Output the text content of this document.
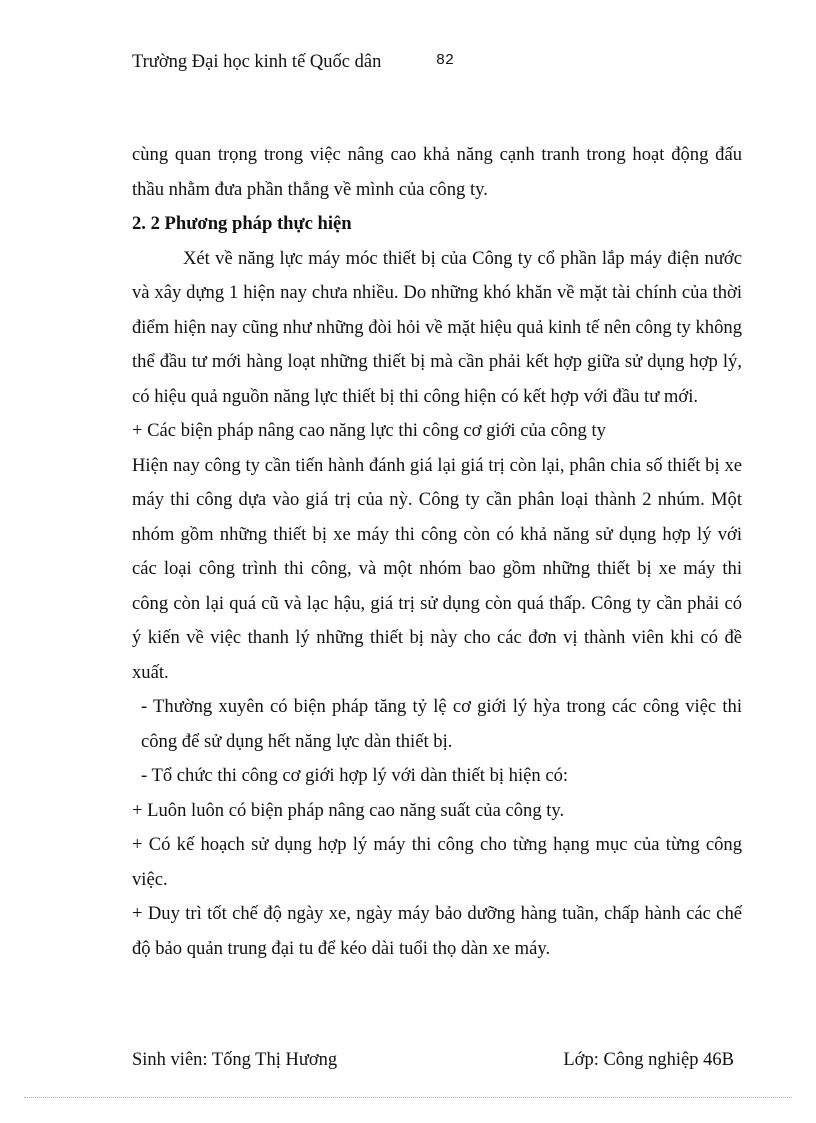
Trường Đại học kinh tế Quốc dân	82

cùng quan trọng trong việc nâng cao khả năng cạnh tranh trong hoạt động đấu thầu nhằm đưa phần thắng về mình của công ty.

2. 2 Phương pháp thực hiện

Xét về năng lực máy móc thiết bị của Công ty cổ phần lắp máy điện nước và xây dựng 1 hiện nay chưa nhiều. Do những khó khăn về mặt tài chính của thời điểm hiện nay cũng như những đòi hỏi về mặt hiệu quả kinh tế nên công ty không thể đầu tư mới hàng loạt những thiết bị mà cần phải kết hợp giữa sử dụng hợp lý, có hiệu quả nguồn năng lực thiết bị thi công hiện có kết hợp với đầu tư mới.

+ Các biện pháp nâng cao năng lực thi công cơ giới của công ty

Hiện nay công ty cần tiến hành đánh giá lại giá trị còn lại, phân chia số thiết bị xe máy thi công dựa vào giá trị của nỳ. Công ty cần phân loại thành 2 nhúm. Một nhóm gồm những thiết bị xe máy thi công còn có khả năng sử dụng hợp lý với các loại công trình thi công, và một nhóm bao gồm những thiết bị xe máy thi công còn lại quá cũ và lạc hậu, giá trị sử dụng còn quá thấp. Công ty cần phải có ý kiến về việc thanh lý những thiết bị này cho các đơn vị thành viên khi có đề xuất.

- Thường xuyên có biện pháp tăng tỷ lệ cơ giới lý hỳa trong các công việc thi công để sử dụng hết năng lực dàn thiết bị.

- Tổ chức thi công cơ giới hợp lý với dàn thiết bị hiện có:

+ Luôn luôn có biện pháp nâng cao năng suất của công ty.

+ Có kế hoạch sử dụng hợp lý máy thi công cho từng hạng mục của từng công việc.

+ Duy trì tốt chế độ ngày xe, ngày máy bảo dưỡng hàng tuần, chấp hành các chế độ bảo quản trung đại tu để kéo dài tuổi thọ dàn xe máy.

Sinh viên: Tống Thị Hương	Lớp: Công nghiệp 46B
